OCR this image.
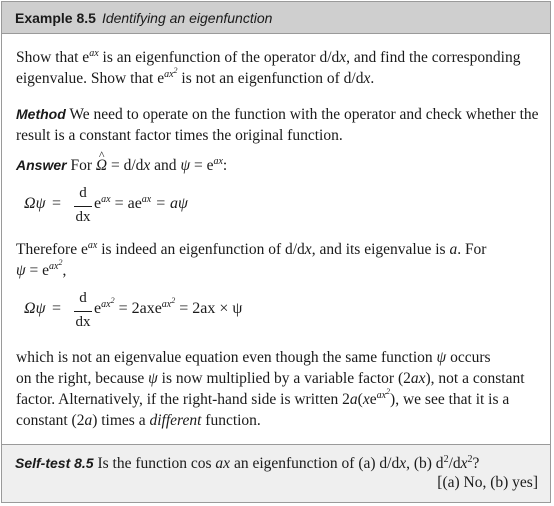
Example 8.5 Identifying an eigenfunction
Show that $e^{ax}$ is an eigenfunction of the operator d/dx, and find the corresponding
eigenvalue. Show that $e^{ax^2}$ is not an eigenfunction of d/dx.
Method We need to operate on the function with the operator and check whether the result is a constant factor times the original function.
Answer For ^ Ω = d/dx and $\psi = e^{ax}$:
Ωψ =
d
dx
$e^{ax} = ae^{ax} = a\psi$
Therefore $e^{ax}$ is indeed an eigenfunction of d/dx, and its eigenvalue is a. For
$\psi = e^{ax^2}$,
Ωψ =
d
dx
$e^{ax^2} = 2axe^{ax^2} = 2ax \times \psi$
which is not an eigenvalue equation even though the same function ψ occurs
on the right, because ψ is now multiplied by a variable factor (2ax), not a constant
factor. Alternatively, if the right-hand side is written $2a(xe^{ax^2})$, we see that it is a
constant (2a) times a different function.
Self-test 8.5 Is the function cos ax an eigenfunction of (a) d/dx, (b) $d^2/dx^2$?
[(a) No, (b) yes]
